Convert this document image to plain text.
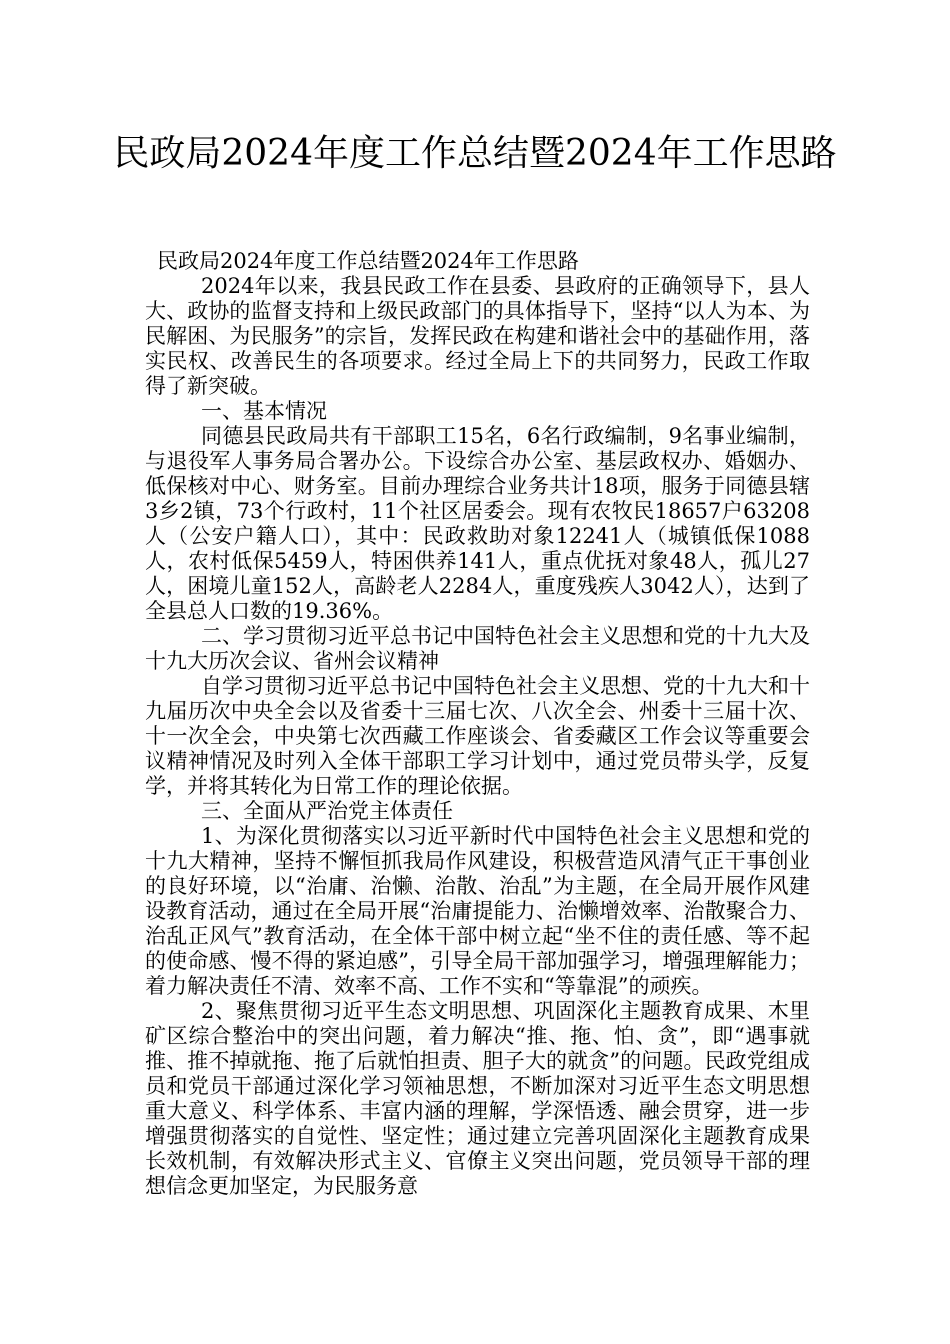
民政局2024年度工作总结暨2024年工作思路

民政局2024年度工作总结暨2024年工作思路

2024年以来，我县民政工作在县委、县政府的正确领导下，县人大、政协的监督支持和上级民政部门的具体指导下，坚持“以人为本、为民解困、为民服务”的宗旨，发挥民政在构建和谐社会中的基础作用，落实民权、改善民生的各项要求。经过全局上下的共同努力，民政工作取得了新突破。

一、基本情况

同德县民政局共有干部职工15名，6名行政编制，9名事业编制，与退役军人事务局合署办公。下设综合办公室、基层政权办、婚姻办、低保核对中心、财务室。目前办理综合业务共计18项，服务于同德县辖3乡2镇，73个行政村，11个社区居委会。现有农牧民18657户63208人（公安户籍人口），其中：民政救助对象12241人（城镇低保1088人，农村低保5459人，特困供养141人，重点优抚对象48人，孤儿27人，困境儿童152人，高龄老人2284人，重度残疾人3042人），达到了全县总人口数的19.36%。

二、学习贯彻习近平总书记中国特色社会主义思想和党的十九大及十九大历次会议、省州会议精神

自学习贯彻习近平总书记中国特色社会主义思想、党的十九大和十九届历次中央全会以及省委十三届七次、八次全会、州委十三届十次、十一次全会，中央第七次西藏工作座谈会、省委藏区工作会议等重要会议精神情况及时列入全体干部职工学习计划中，通过党员带头学，反复学，并将其转化为日常工作的理论依据。

三、全面从严治党主体责任

1、为深化贯彻落实以习近平新时代中国特色社会主义思想和党的十九大精神，坚持不懈恒抓我局作风建设，积极营造风清气正干事创业的良好环境，以“治庸、治懒、治散、治乱”为主题，在全局开展作风建设教育活动，通过在全局开展“治庸提能力、治懒增效率、治散聚合力、治乱正风气”教育活动，在全体干部中树立起“坐不住的责任感、等不起的使命感、慢不得的紧迫感”，引导全局干部加强学习，增强理解能力；着力解决责任不清、效率不高、工作不实和“等靠混”的顽疾。

2、聚焦贯彻习近平生态文明思想、巩固深化主题教育成果、木里矿区综合整治中的突出问题，着力解决“推、拖、怕、贪”，即“遇事就推、推不掉就拖、拖了后就怕担责、胆子大的就贪”的问题。民政党组成员和党员干部通过深化学习领袖思想，不断加深对习近平生态文明思想重大意义、科学体系、丰富内涵的理解，学深悟透、融会贯穿，进一步增强贯彻落实的自觉性、坚定性；通过建立完善巩固深化主题教育成果长效机制，有效解决形式主义、官僚主义突出问题，党员领导干部的理想信念更加坚定，为民服务意
